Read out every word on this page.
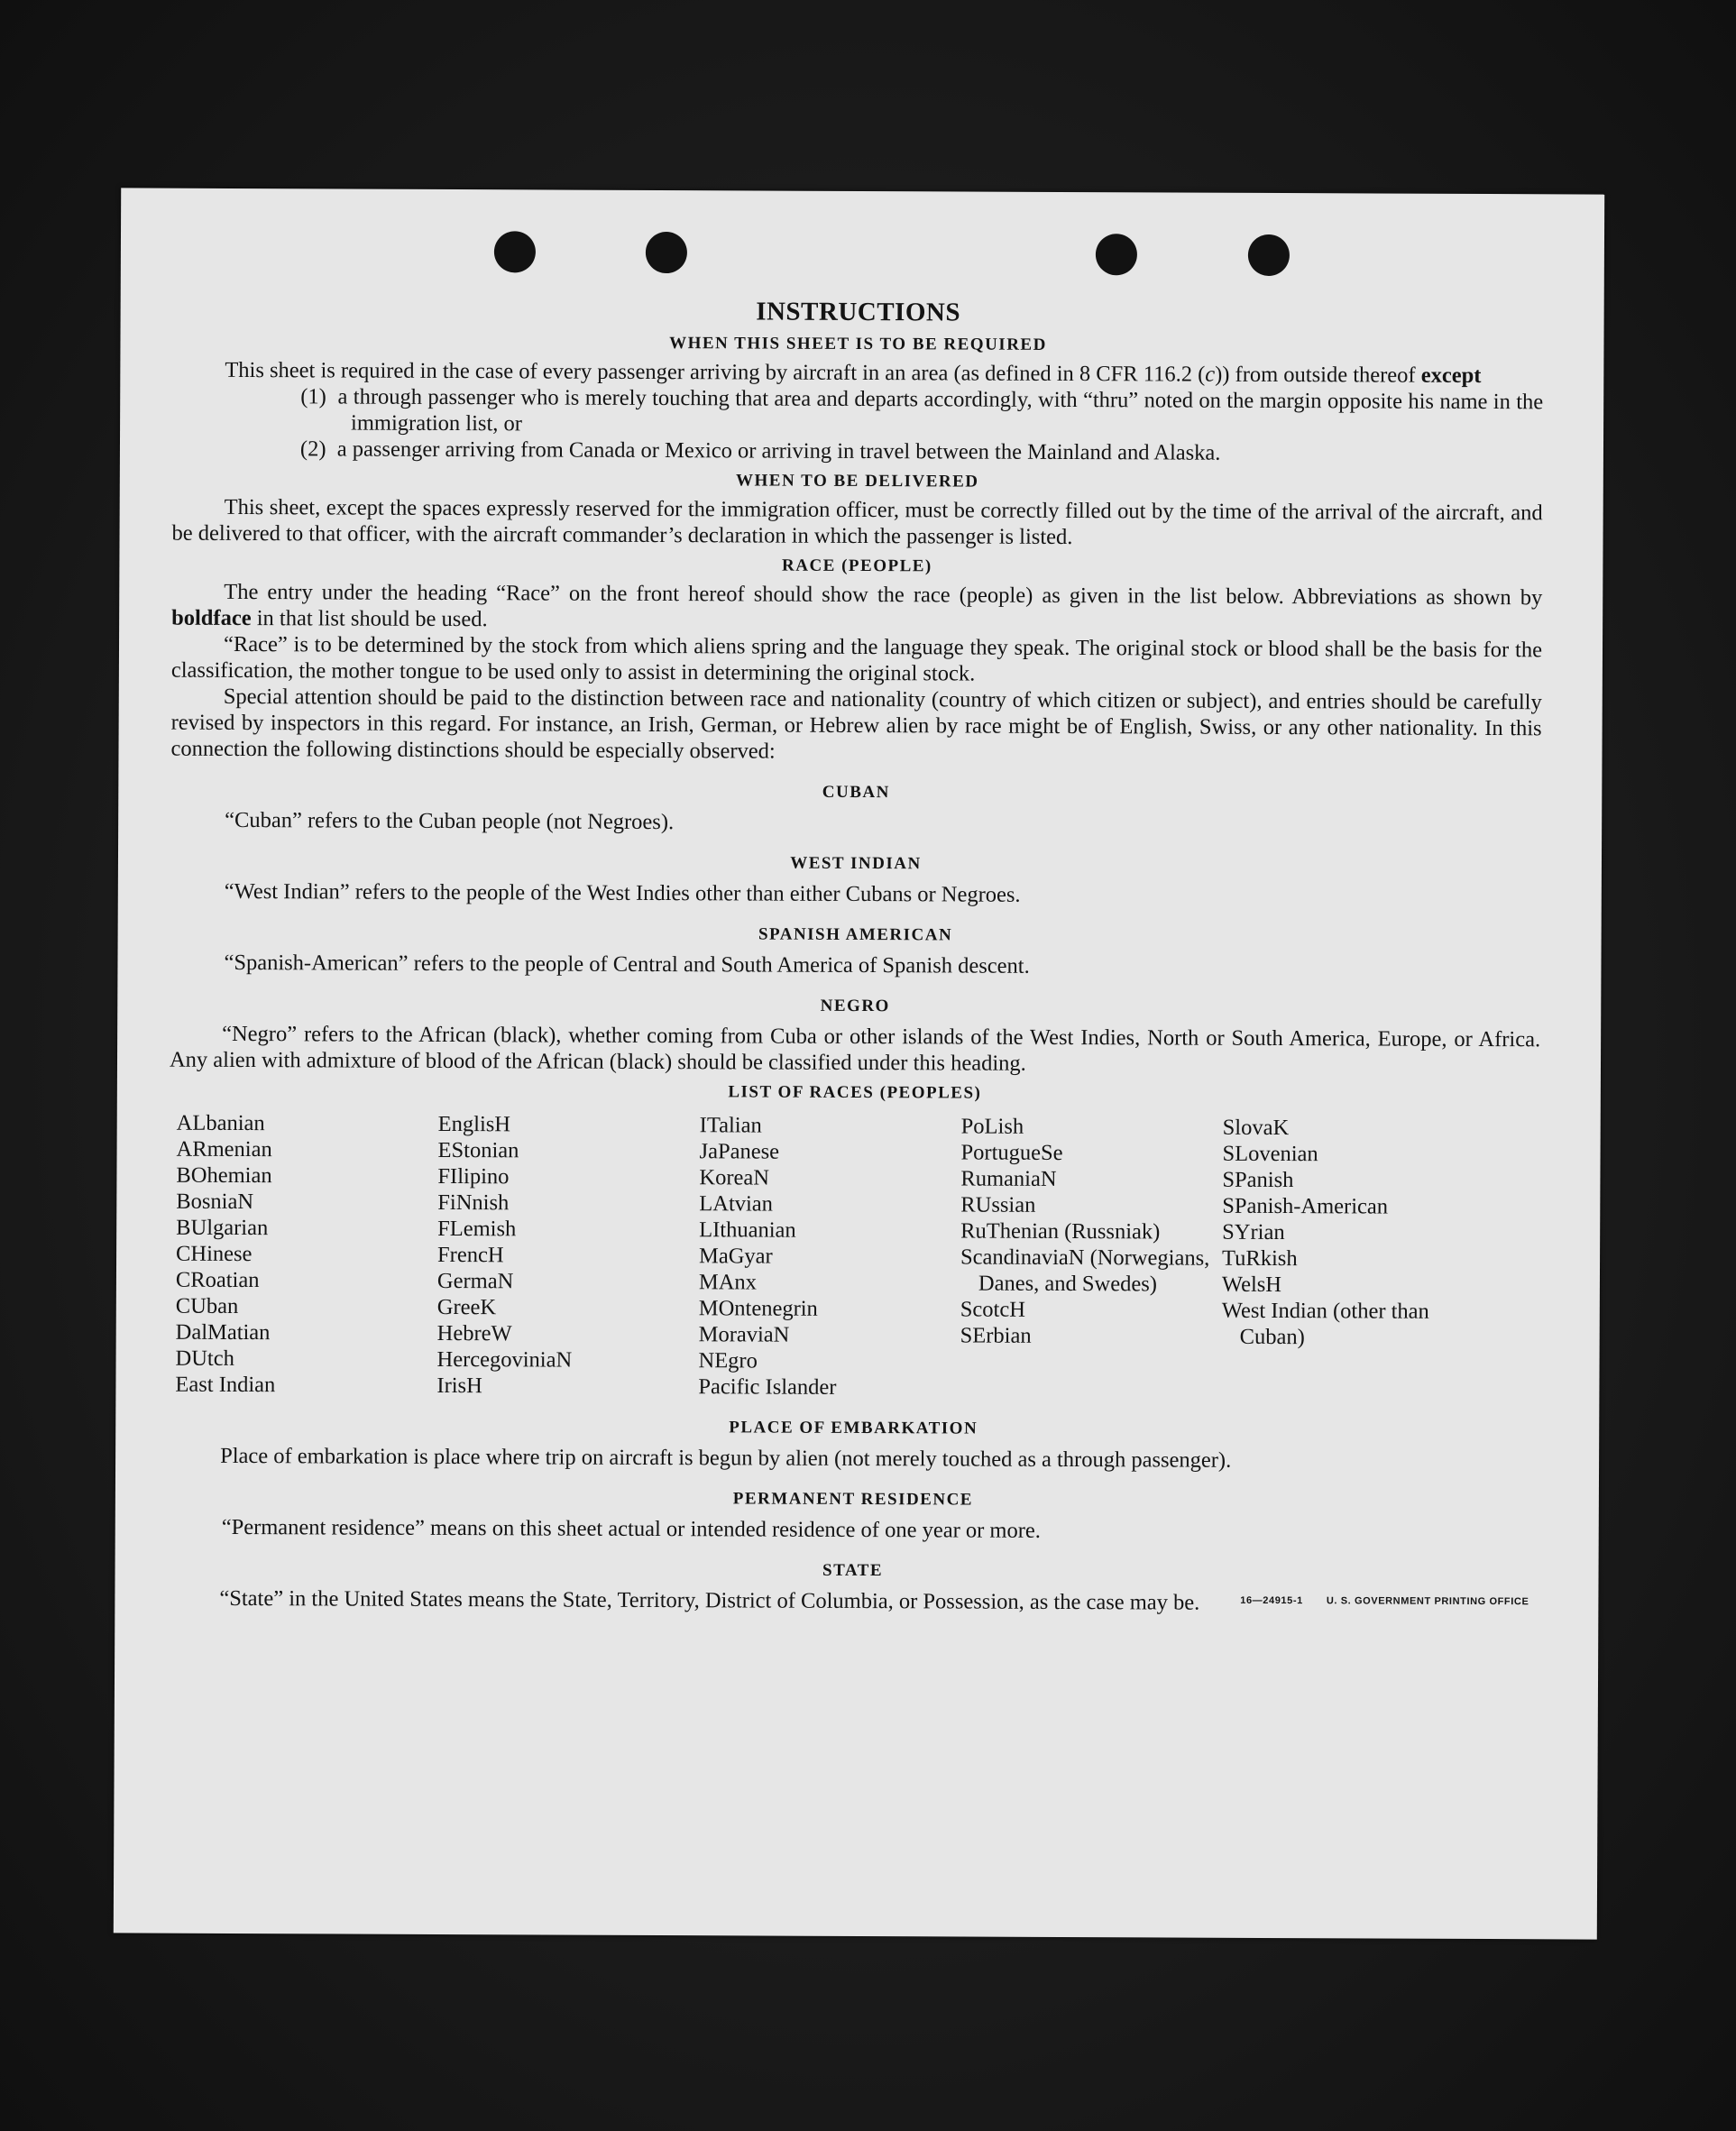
INSTRUCTIONS
WHEN THIS SHEET IS TO BE REQUIRED

This sheet is required in the case of every passenger arriving by aircraft in an area (as defined in 8 CFR 116.2 (c)) from outside thereof except

(1) a through passenger who is merely touching that area and departs accordingly, with “thru” noted on the margin opposite his name in the immigration list, or

(2) a passenger arriving from Canada or Mexico or arriving in travel between the Mainland and Alaska.

WHEN TO BE DELIVERED

This sheet, except the spaces expressly reserved for the immigration officer, must be correctly filled out by the time of the arrival of the aircraft, and be delivered to that officer, with the aircraft commander’s declaration in which the passenger is listed.

RACE (PEOPLE)

The entry under the heading “Race” on the front hereof should show the race (people) as given in the list below. Abbreviations as shown by boldface in that list should be used.

“Race” is to be determined by the stock from which aliens spring and the language they speak. The original stock or blood shall be the basis for the classification, the mother tongue to be used only to assist in determining the original stock.

Special attention should be paid to the distinction between race and nationality (country of which citizen or subject), and entries should be carefully revised by inspectors in this regard. For instance, an Irish, German, or Hebrew alien by race might be of English, Swiss, or any other nationality. In this connection the following distinctions should be especially observed:

CUBAN

“Cuban” refers to the Cuban people (not Negroes).

WEST INDIAN

“West Indian” refers to the people of the West Indies other than either Cubans or Negroes.

SPANISH AMERICAN

“Spanish-American” refers to the people of Central and South America of Spanish descent.

NEGRO

“Negro” refers to the African (black), whether coming from Cuba or other islands of the West Indies, North or South America, Europe, or Africa. Any alien with admixture of blood of the African (black) should be classified under this heading.

LIST OF RACES (PEOPLES)
ALbanian
ARmenian
BOhemian
BosniaN
BUlgarian
CHinese
CRoatian
CUban
DalMatian
DUtch
East Indian
EnglisH
EStonian
FIlipino
FiNnish
FLemish
FrencH
GermaN
GreeK
HebreW
HercegoviniaN
IrisH
ITalian
JaPanese
KoreaN
LAtvian
LIthuanian
MaGyar
MAnx
MOntenegrin
MoraviaN
NEgro
Pacific Islander
PoLish
PortugueSe
RumaniaN
RUssian
RuThenian (Russniak)
ScandinaviaN (Norwegians, Danes, and Swedes)
ScotcH
SErbian
SlovaK
SLovenian
SPanish
SPanish-American
SYrian
TuRkish
WelsH
West Indian (other than Cuban)
PLACE OF EMBARKATION

Place of embarkation is place where trip on aircraft is begun by alien (not merely touched as a through passenger).

PERMANENT RESIDENCE

“Permanent residence” means on this sheet actual or intended residence of one year or more.

STATE

“State” in the United States means the State, Territory, District of Columbia, or Possession, as the case may be.	16—24915-1 U. S. GOVERNMENT PRINTING OFFICE
